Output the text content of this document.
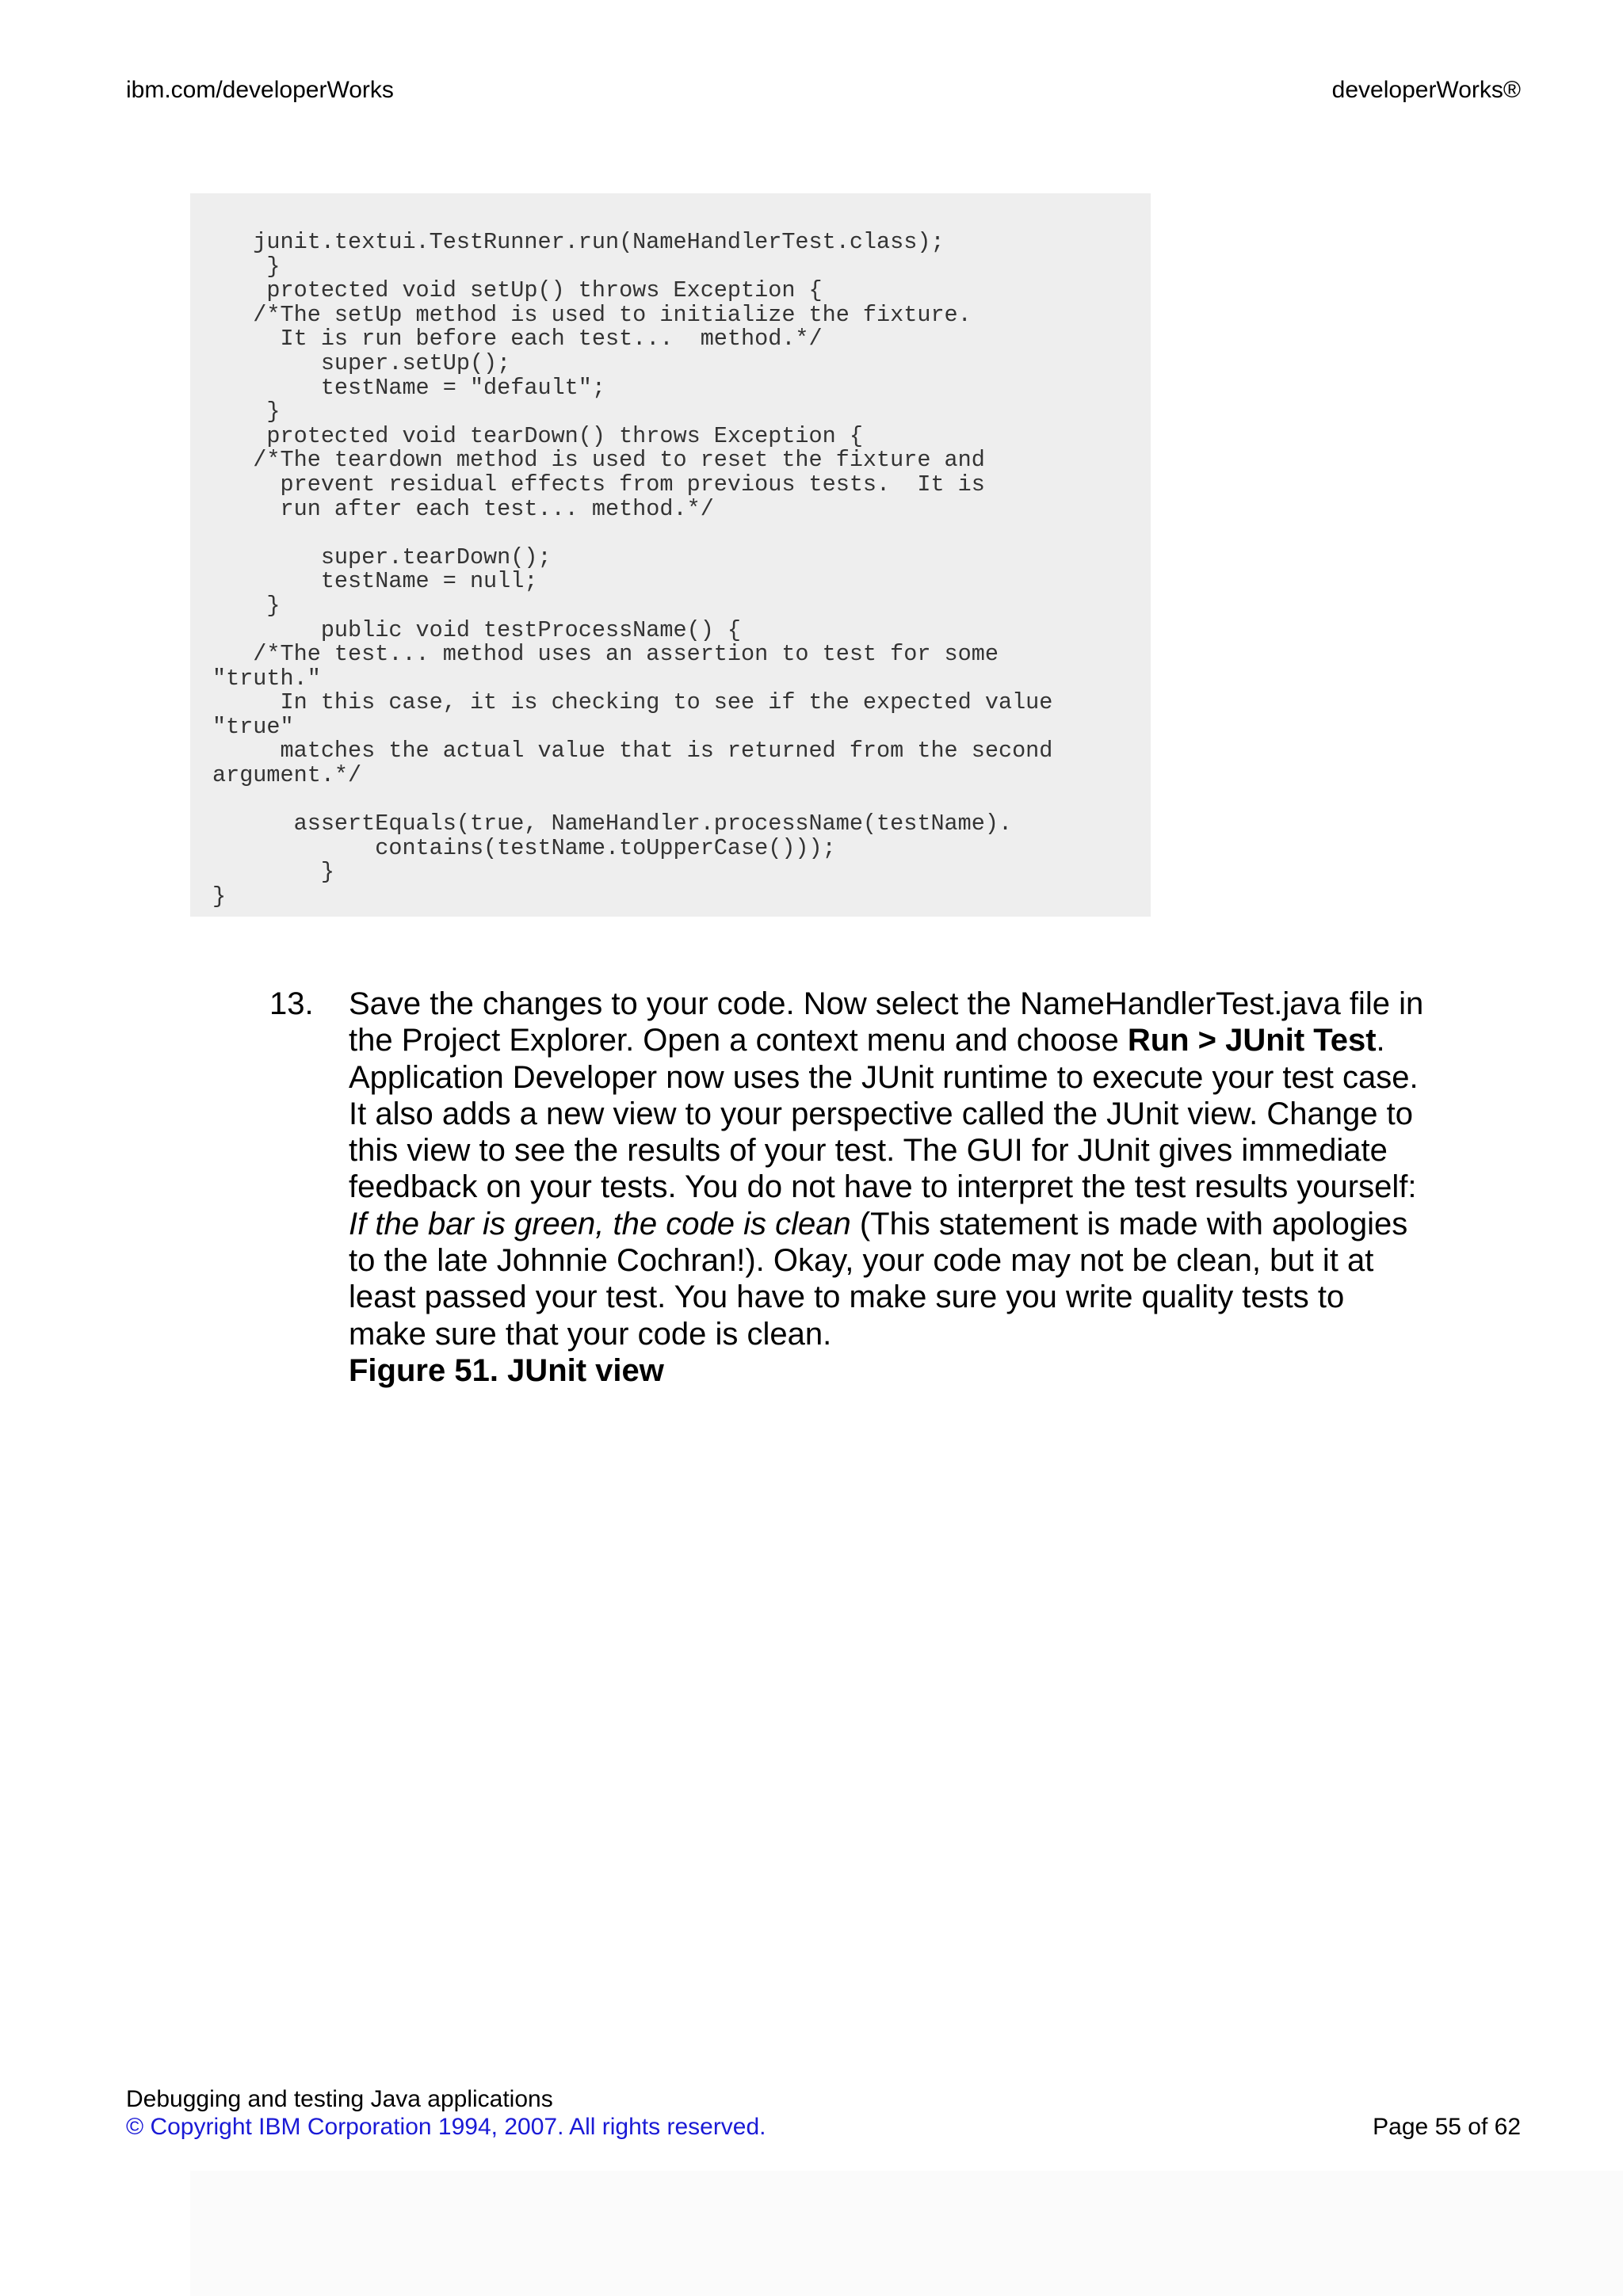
ibm.com/developerWorks	developerWorks®
junit.textui.TestRunner.run(NameHandlerTest.class);
}
protected void setUp() throws Exception {
/*The setUp method is used to initialize the fixture.
It is run before each test...  method.*/
super.setUp();
testName = "default";
}
protected void tearDown() throws Exception {
/*The teardown method is used to reset the fixture and
prevent residual effects from previous tests.  It is
run after each test... method.*/

super.tearDown();
testName = null;
}
public void testProcessName() {
/*The test... method uses an assertion to test for some
"truth."
In this case, it is checking to see if the expected value
"true"
matches the actual value that is returned from the second
argument.*/

assertEquals(true, NameHandler.processName(testName).
contains(testName.toUpperCase()));
}
}
13. Save the changes to your code. Now select the NameHandlerTest.java file in the Project Explorer. Open a context menu and choose Run > JUnit Test. Application Developer now uses the JUnit runtime to execute your test case. It also adds a new view to your perspective called the JUnit view. Change to this view to see the results of your test. The GUI for JUnit gives immediate feedback on your tests. You do not have to interpret the test results yourself: If the bar is green, the code is clean (This statement is made with apologies to the late Johnnie Cochran!). Okay, your code may not be clean, but it at least passed your test. You have to make sure you write quality tests to make sure that your code is clean.
Figure 51. JUnit view
Debugging and testing Java applications
© Copyright IBM Corporation 1994, 2007. All rights reserved.	Page 55 of 62
